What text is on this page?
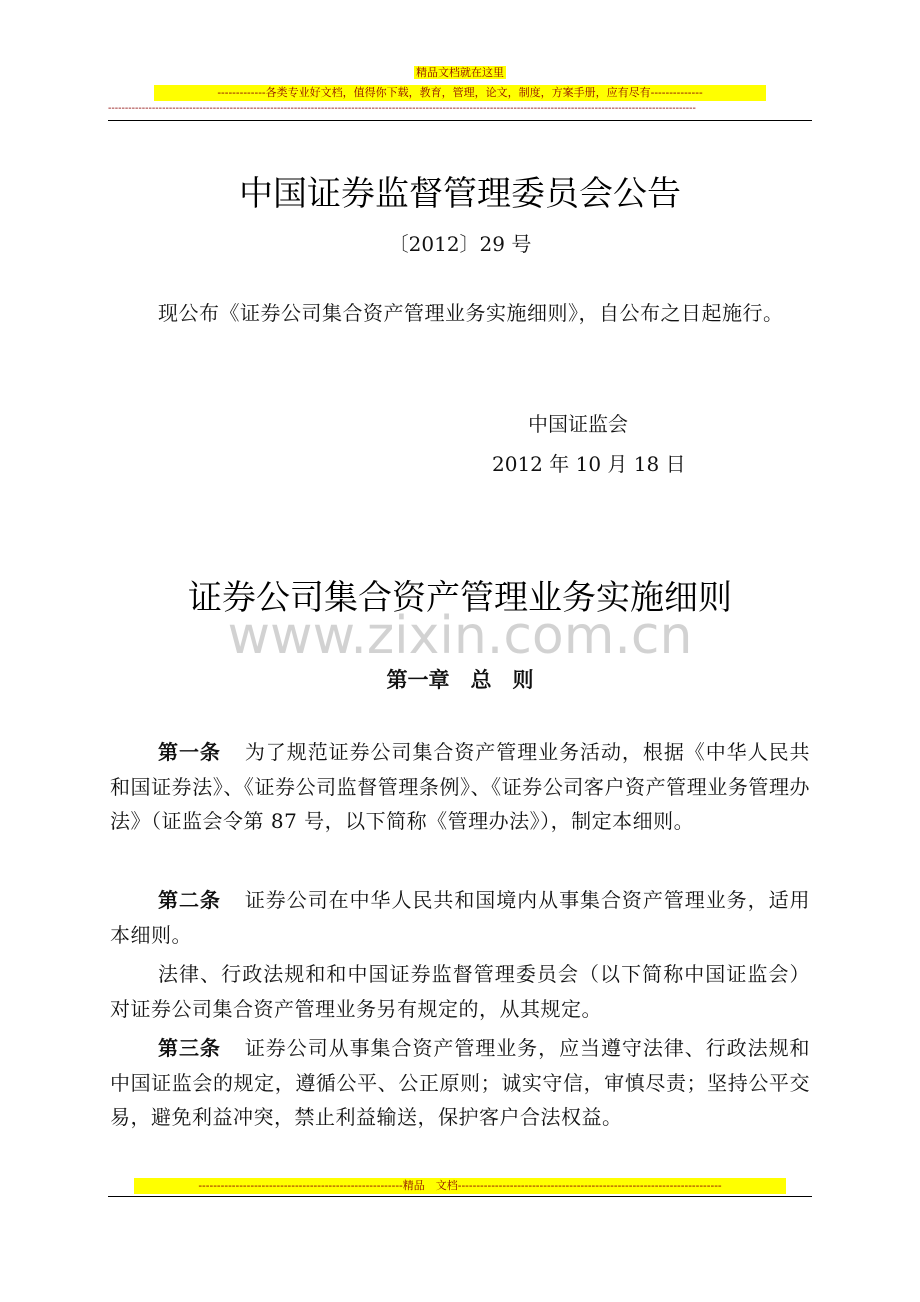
精品文档就在这里
-------------各类专业好文档，值得你下载，教育，管理，论文，制度，方案手册，应有尽有--------------
------------------------------------------------------------------------------------------------------------------------------------------------------------------------------
中国证券监督管理委员会公告
〔2012〕29 号
现公布《证券公司集合资产管理业务实施细则》，自公布之日起施行。
中国证监会
2012 年 10 月 18 日
证券公司集合资产管理业务实施细则
www.zixin.com.cn
第一章　总　则
第一条 为了规范证券公司集合资产管理业务活动，根据《中华人民共和国证券法》、《证券公司监督管理条例》、《证券公司客户资产管理业务管理办法》（证监会令第 87 号，以下简称《管理办法》），制定本细则。
第二条 证券公司在中华人民共和国境内从事集合资产管理业务，适用本细则。
法律、行政法规和和中国证券监督管理委员会（以下简称中国证监会）对证券公司集合资产管理业务另有规定的，从其规定。
第三条 证券公司从事集合资产管理业务，应当遵守法律、行政法规和中国证监会的规定，遵循公平、公正原则；诚实守信，审慎尽责；坚持公平交易，避免利益冲突，禁止利益输送，保护客户合法权益。
-------------------------------------------------------精品　文档-----------------------------------------------------------------------
